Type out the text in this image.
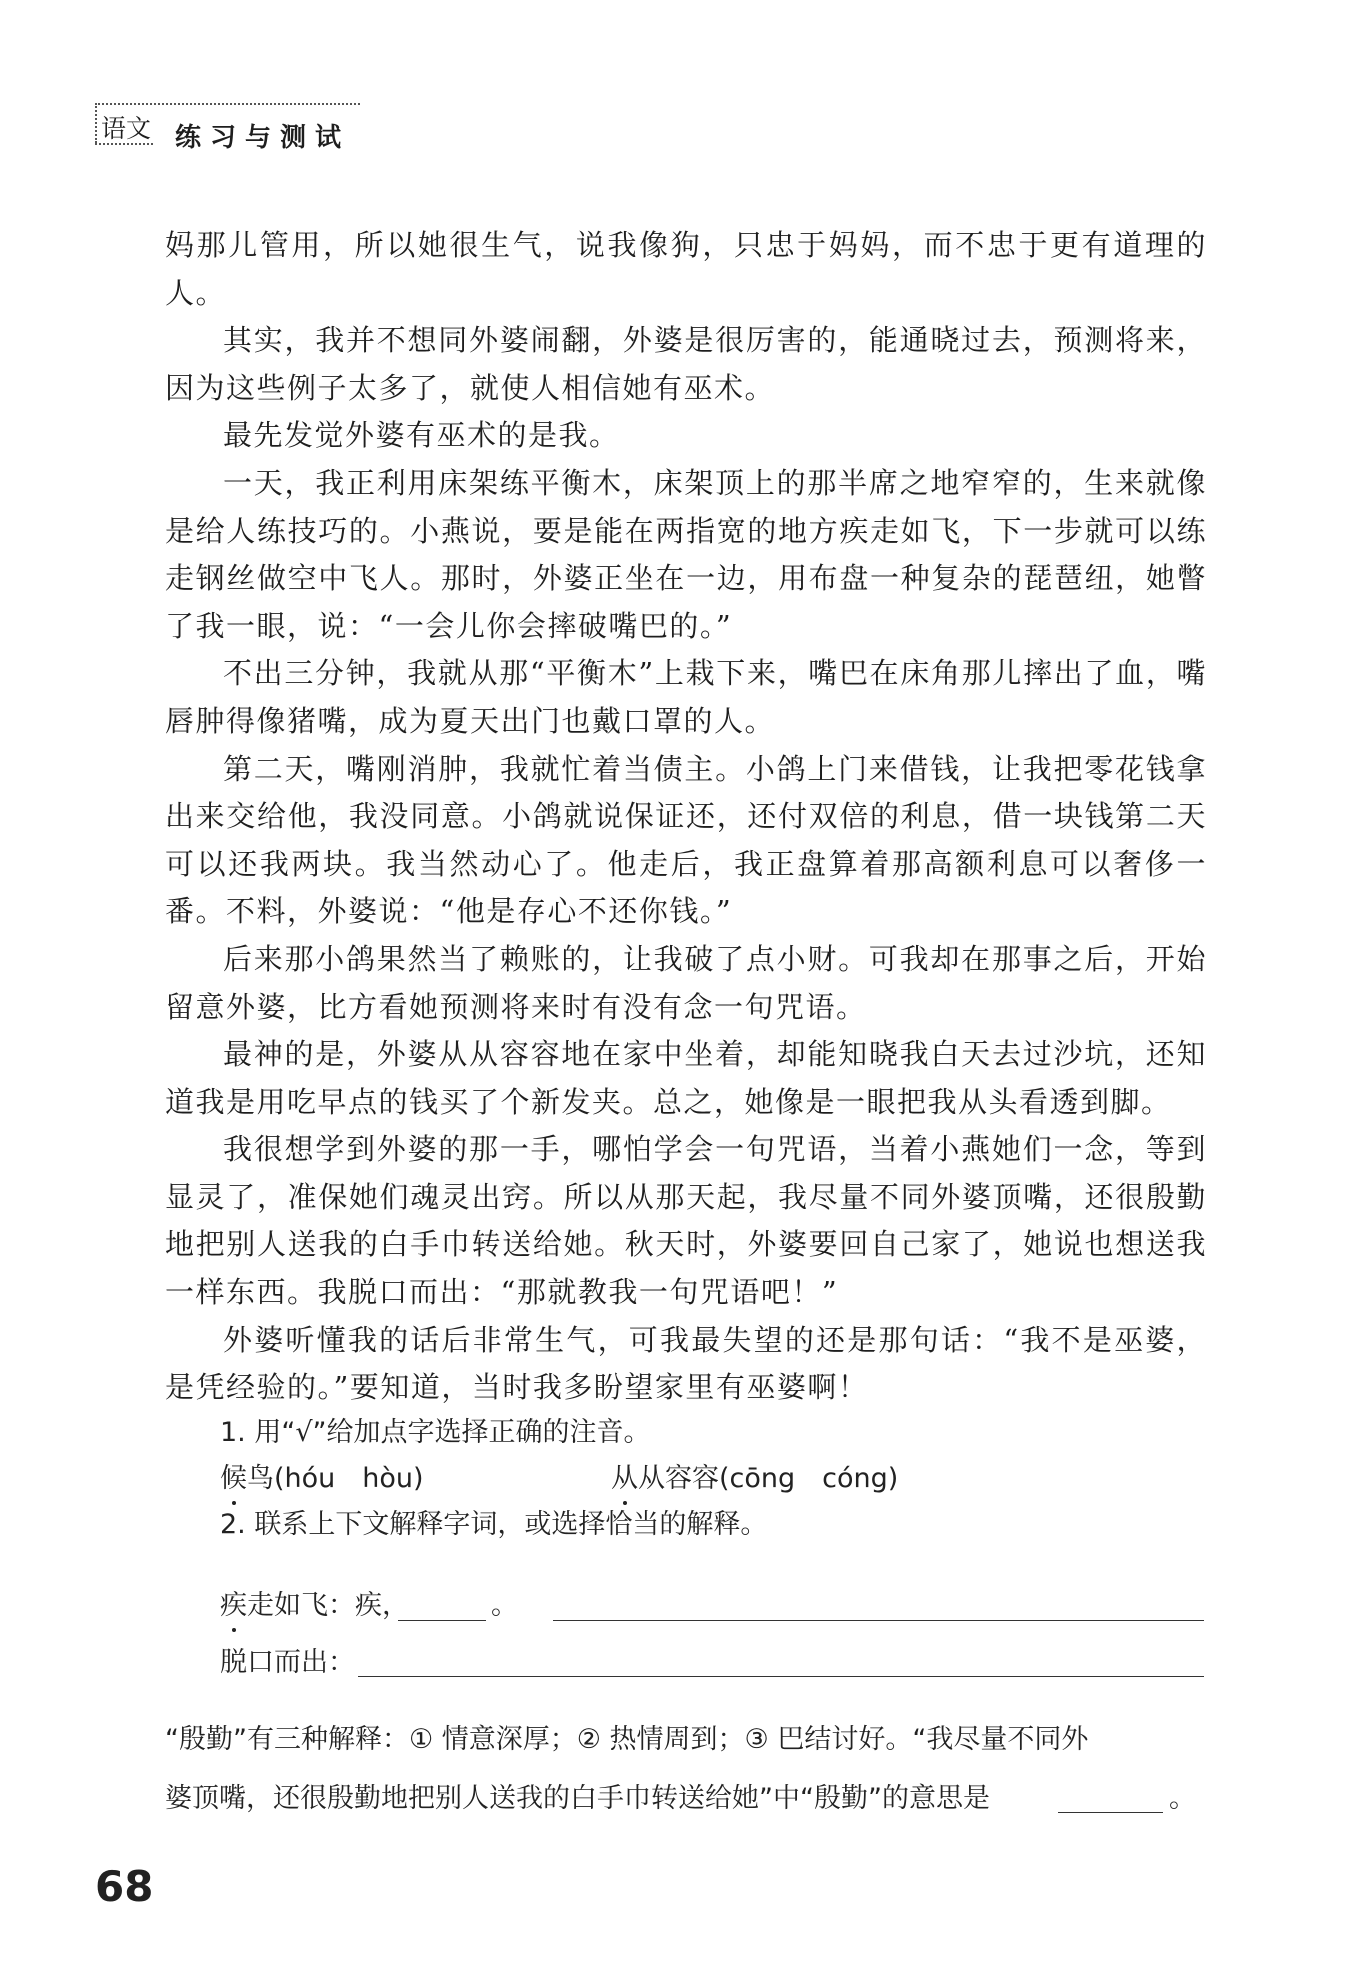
语文 练习与测试

妈那儿管用，所以她很生气，说我像狗，只忠于妈妈，而不忠于更有道理的人。

其实，我并不想同外婆闹翻，外婆是很厉害的，能通晓过去，预测将来，因为这些例子太多了，就使人相信她有巫术。

最先发觉外婆有巫术的是我。

一天，我正利用床架练平衡木，床架顶上的那半席之地窄窄的，生来就像是给人练技巧的。小燕说，要是能在两指宽的地方疾走如飞，下一步就可以练走钢丝做空中飞人。那时，外婆正坐在一边，用布盘一种复杂的琵琶纽，她瞥了我一眼，说：“一会儿你会摔破嘴巴的。”

不出三分钟，我就从那“平衡木”上栽下来，嘴巴在床角那儿摔出了血，嘴唇肿得像猪嘴，成为夏天出门也戴口罩的人。

第二天，嘴刚消肿，我就忙着当债主。小鸽上门来借钱，让我把零花钱拿出来交给他，我没同意。小鸽就说保证还，还付双倍的利息，借一块钱第二天可以还我两块。我当然动心了。他走后，我正盘算着那高额利息可以奢侈一番。不料，外婆说：“他是存心不还你钱。”

后来那小鸽果然当了赖账的，让我破了点小财。可我却在那事之后，开始留意外婆，比方看她预测将来时有没有念一句咒语。

最神的是，外婆从从容容地在家中坐着，却能知晓我白天去过沙坑，还知道我是用吃早点的钱买了个新发夹。总之，她像是一眼把我从头看透到脚。

我很想学到外婆的那一手，哪怕学会一句咒语，当着小燕她们一念，等到显灵了，准保她们魂灵出窍。所以从那天起，我尽量不同外婆顶嘴，还很殷勤地把别人送我的白手巾转送给她。秋天时，外婆要回自己家了，她说也想送我一样东西。我脱口而出：“那就教我一句咒语吧！”

外婆听懂我的话后非常生气，可我最失望的还是那句话：“我不是巫婆，是凭经验的。”要知道，当时我多盼望家里有巫婆啊！

1. 用“√”给加点字选择正确的注音。
候鸟(hóu　hòu)	从从容容(cōng　cóng)
2. 联系上下文解释字词，或选择恰当的解释。
疾走如飞：疾，	。
脱口而出：
“殷勤”有三种解释：① 情意深厚；② 热情周到；③ 巴结讨好。“我尽量不同外
婆顶嘴，还很殷勤地把别人送我的白手巾转送给她”中“殷勤”的意思是	。
68
